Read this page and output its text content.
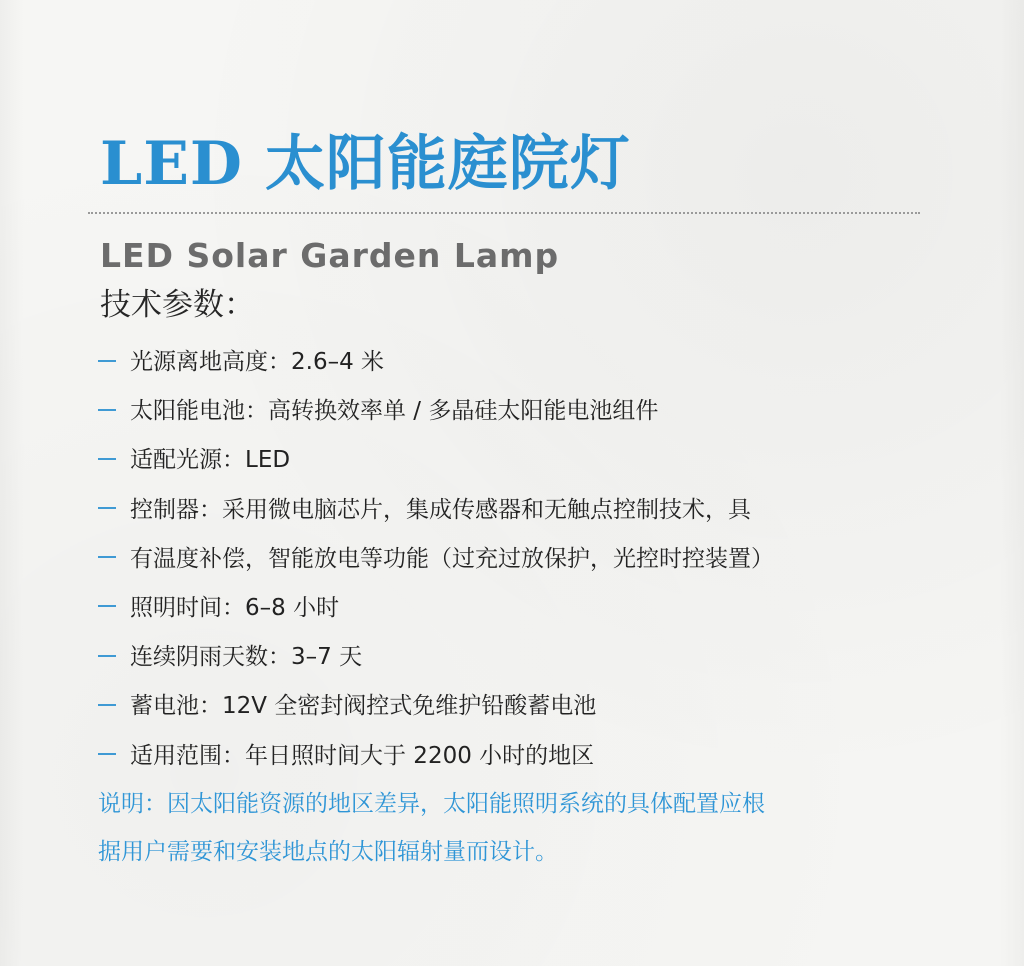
LED 太阳能庭院灯
LED Solar Garden Lamp
技术参数：
光源离地高度：2.6–4 米
太阳能电池：高转换效率单 / 多晶硅太阳能电池组件
适配光源：LED
控制器：采用微电脑芯片，集成传感器和无触点控制技术，具
有温度补偿，智能放电等功能（过充过放保护，光控时控装置）
照明时间：6–8 小时
连续阴雨天数：3–7 天
蓄电池：12V 全密封阀控式免维护铅酸蓄电池
适用范围：年日照时间大于 2200 小时的地区

说明：因太阳能资源的地区差异，太阳能照明系统的具体配置应根
据用户需要和安装地点的太阳辐射量而设计。
